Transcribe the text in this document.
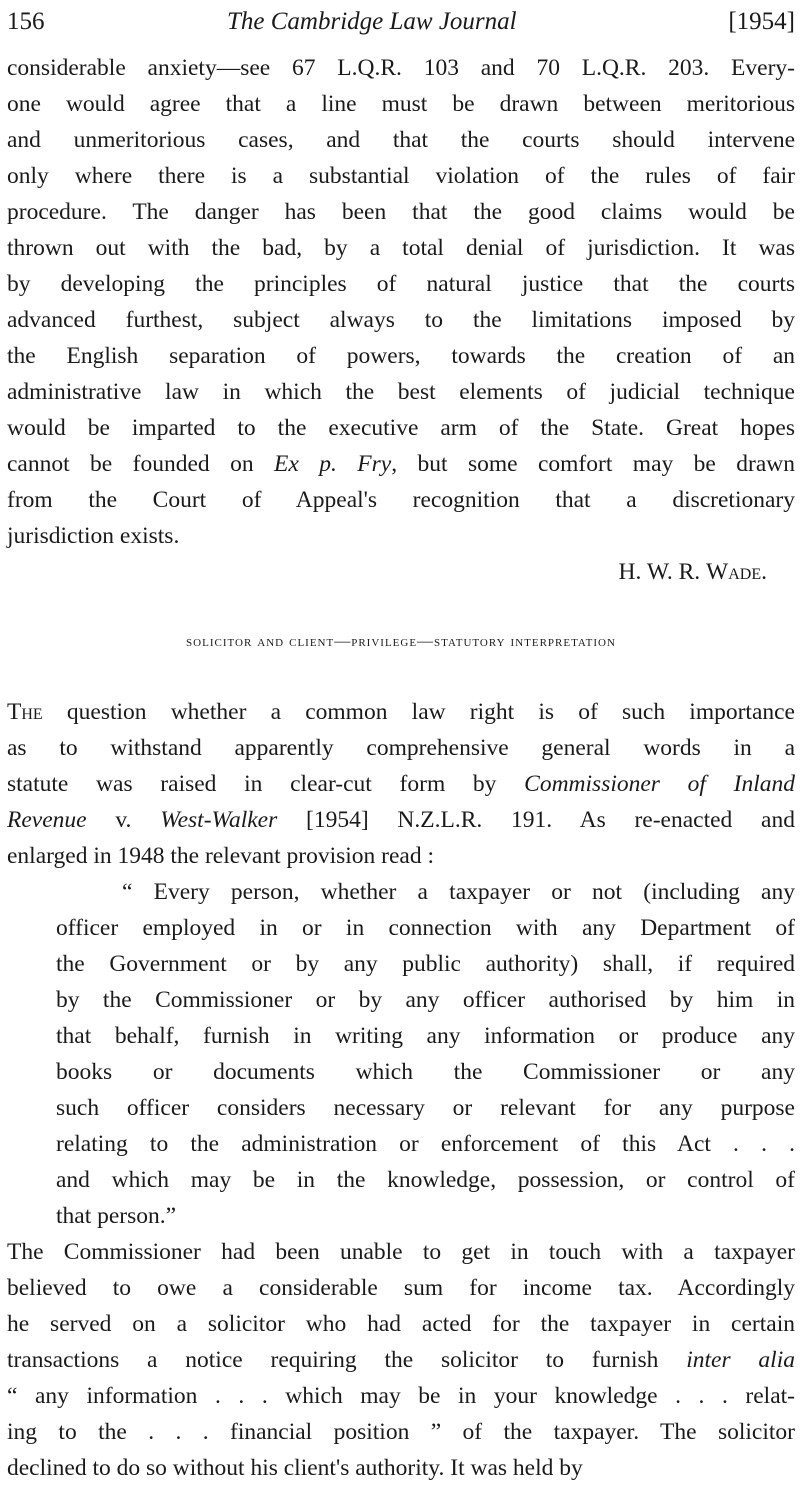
156	The Cambridge Law Journal	[1954]
considerable anxiety—see 67 L.Q.R. 103 and 70 L.Q.R. 203. Every-
one would agree that a line must be drawn between meritorious
and unmeritorious cases, and that the courts should intervene
only where there is a substantial violation of the rules of fair
procedure. The danger has been that the good claims would be
thrown out with the bad, by a total denial of jurisdiction. It was
by developing the principles of natural justice that the courts
advanced furthest, subject always to the limitations imposed by
the English separation of powers, towards the creation of an
administrative law in which the best elements of judicial technique
would be imparted to the executive arm of the State. Great hopes
cannot be founded on Ex p. Fry, but some comfort may be drawn
from the Court of Appeal's recognition that a discretionary
jurisdiction exists.
H. W. R. Wade.
solicitor and client—privilege—statutory interpretation
The question whether a common law right is of such importance
as to withstand apparently comprehensive general words in a
statute was raised in clear-cut form by Commissioner of Inland
Revenue v. West-Walker [1954] N.Z.L.R. 191. As re-enacted and
enlarged in 1948 the relevant provision read :
“ Every person, whether a taxpayer or not (including any
officer employed in or in connection with any Department of
the Government or by any public authority) shall, if required
by the Commissioner or by any officer authorised by him in
that behalf, furnish in writing any information or produce any
books or documents which the Commissioner or any
such officer considers necessary or relevant for any purpose
relating to the administration or enforcement of this Act . . .
and which may be in the knowledge, possession, or control of
that person.”
The Commissioner had been unable to get in touch with a taxpayer
believed to owe a considerable sum for income tax. Accordingly
he served on a solicitor who had acted for the taxpayer in certain
transactions a notice requiring the solicitor to furnish inter alia
“ any information . . . which may be in your knowledge . . . relat-
ing to the . . . financial position ” of the taxpayer. The solicitor
declined to do so without his client's authority. It was held by
